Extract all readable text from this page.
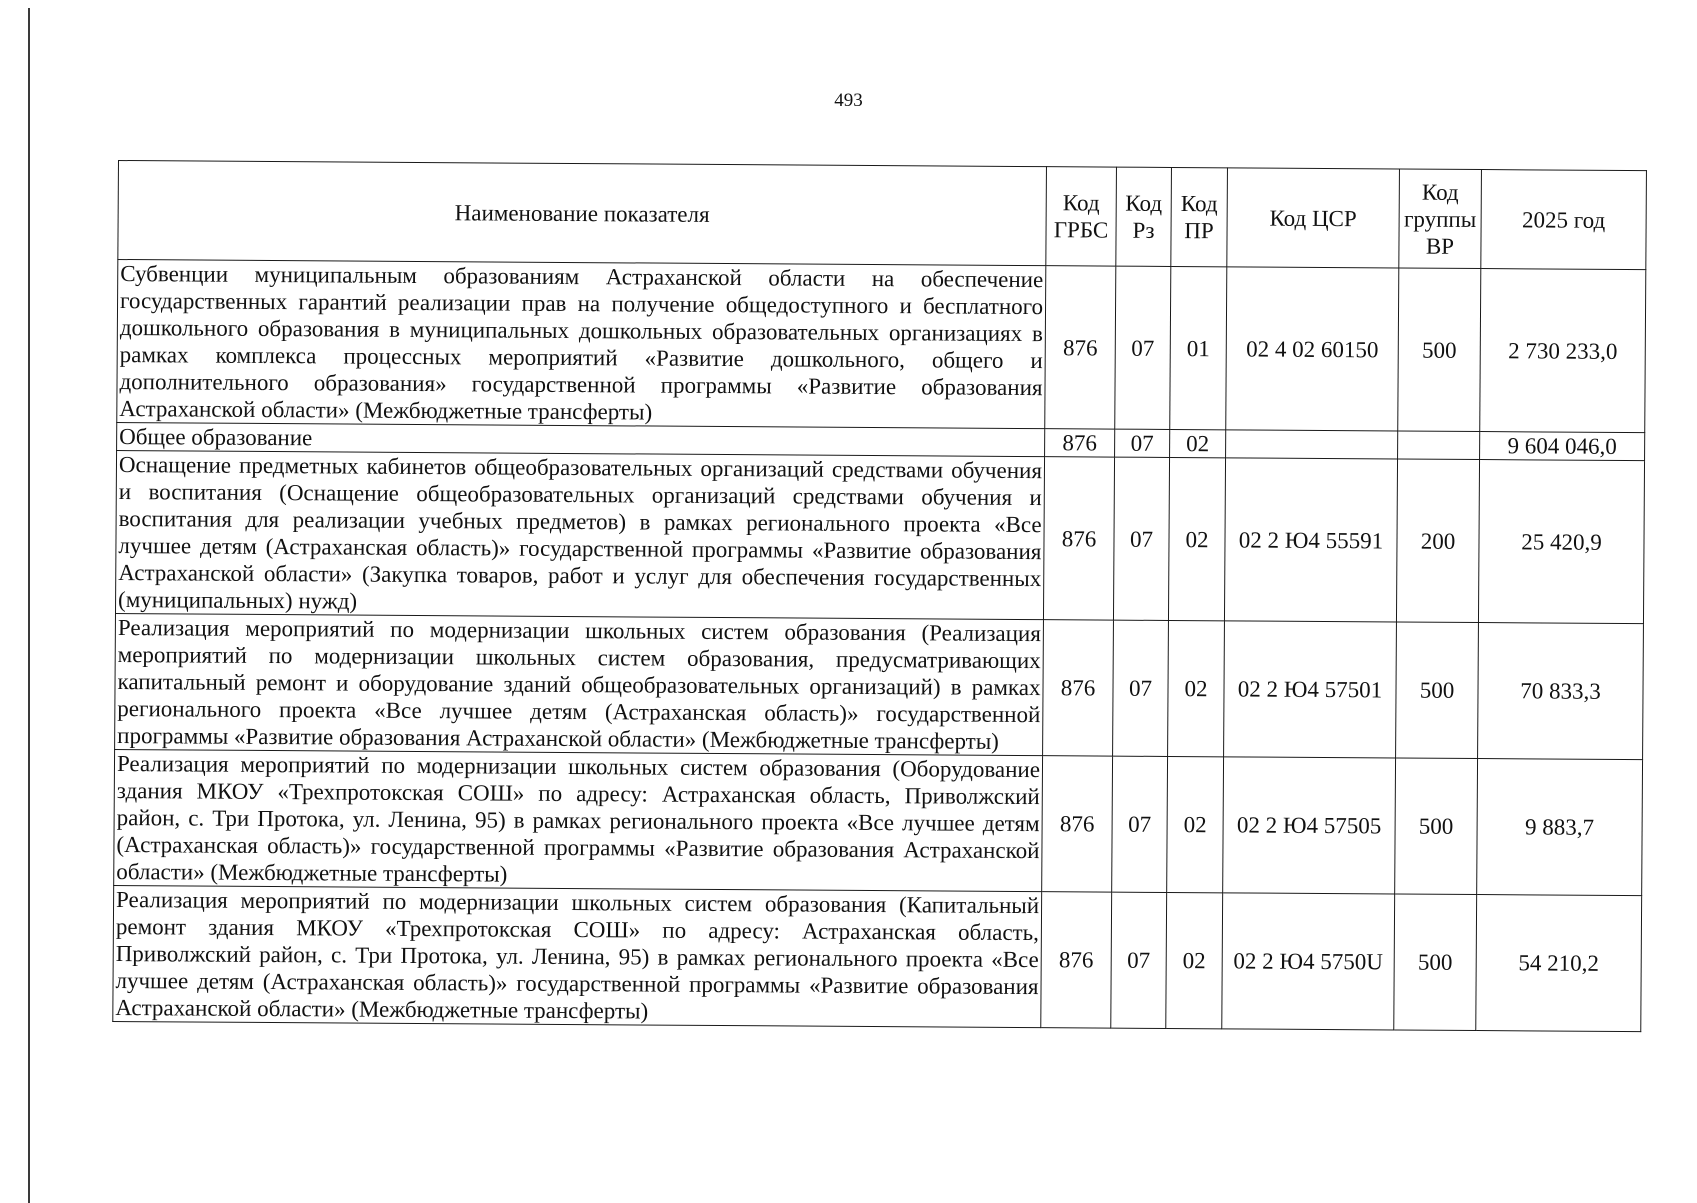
493
Наименование показателя	Код ГРБС	Код Рз	Код ПР	Код ЦСР	Код группы ВР	2025 год
Субвенции муниципальным образованиям Астраханской области на обеспечение государственных гарантий реализации прав на получение общедоступного и бесплатного дошкольного образования в муниципальных дошкольных образовательных организациях в рамках комплекса процессных мероприятий «Развитие дошкольного, общего и дополнительного образования» государственной программы «Развитие образования Астраханской области» (Межбюджетные трансферты)	876	07	01	02 4 02 60150	500	2 730 233,0
Общее образование	876	07	02			9 604 046,0
Оснащение предметных кабинетов общеобразовательных организаций средствами обучения и воспитания (Оснащение общеобразовательных организаций средствами обучения и воспитания для реализации учебных предметов) в рамках регионального проекта «Все лучшее детям (Астраханская область)» государственной программы «Развитие образования Астраханской области» (Закупка товаров, работ и услуг для обеспечения государственных (муниципальных) нужд)	876	07	02	02 2 Ю4 55591	200	25 420,9
Реализация мероприятий по модернизации школьных систем образования (Реализация мероприятий по модернизации школьных систем образования, предусматривающих капитальный ремонт и оборудование зданий общеобразовательных организаций) в рамках регионального проекта «Все лучшее детям (Астраханская область)» государственной программы «Развитие образования Астраханской области» (Межбюджетные трансферты)	876	07	02	02 2 Ю4 57501	500	70 833,3
Реализация мероприятий по модернизации школьных систем образования (Оборудование здания МКОУ «Трехпротокская СОШ» по адресу: Астраханская область, Приволжский район, с. Три Протока, ул. Ленина, 95) в рамках регионального проекта «Все лучшее детям (Астраханская область)» государственной программы «Развитие образования Астраханской области» (Межбюджетные трансферты)	876	07	02	02 2 Ю4 57505	500	9 883,7
Реализация мероприятий по модернизации школьных систем образования (Капитальный ремонт здания МКОУ «Трехпротокская СОШ» по адресу: Астраханская область, Приволжский район, с. Три Протока, ул. Ленина, 95) в рамках регионального проекта «Все лучшее детям (Астраханская область)» государственной программы «Развитие образования Астраханской области» (Межбюджетные трансферты)	876	07	02	02 2 Ю4 5750U	500	54 210,2
